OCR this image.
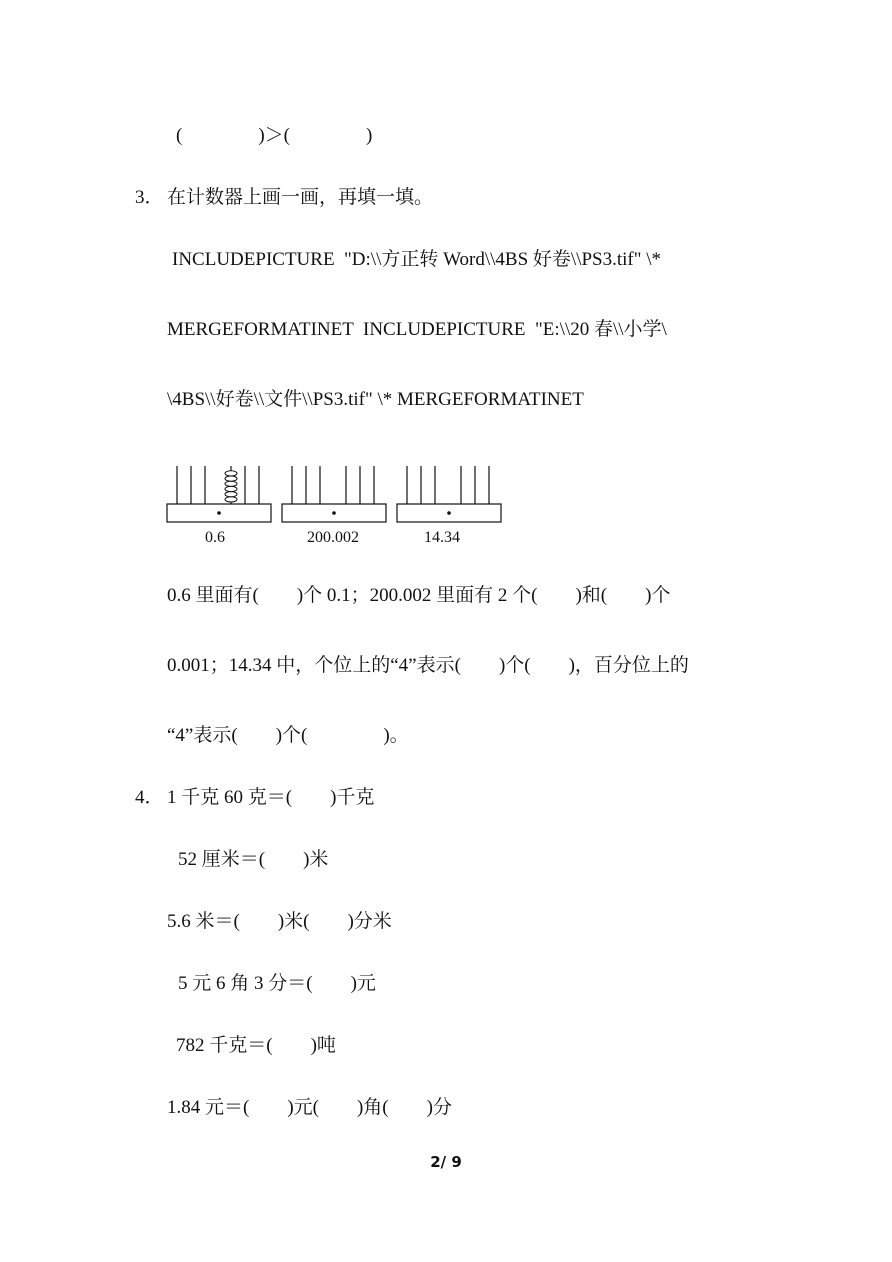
(　　　　)＞(　　　　)
3． 在计数器上画一画，再填一填。
INCLUDEPICTURE  "D:\\方正转 Word\\4BS 好卷\\PS3.tif" \*
MERGEFORMATINET  INCLUDEPICTURE  "E:\\20 春\\小学\
\4BS\\好卷\\文件\\PS3.tif" \* MERGEFORMATINET
0.6	200.002	14.34
0.6 里面有(　　)个 0.1；200.002 里面有 2 个(　　)和(　　)个
0.001；14.34 中，个位上的“4”表示(　　)个(　　)，百分位上的
“4”表示(　　)个(　　　　)。
4． 1 千克 60 克＝(　　)千克
52 厘米＝(　　)米
5.6 米＝(　　)米(　　)分米
5 元 6 角 3 分＝(　　)元
782 千克＝(　　)吨
1.84 元＝(　　)元(　　)角(　　)分
2/ 9
